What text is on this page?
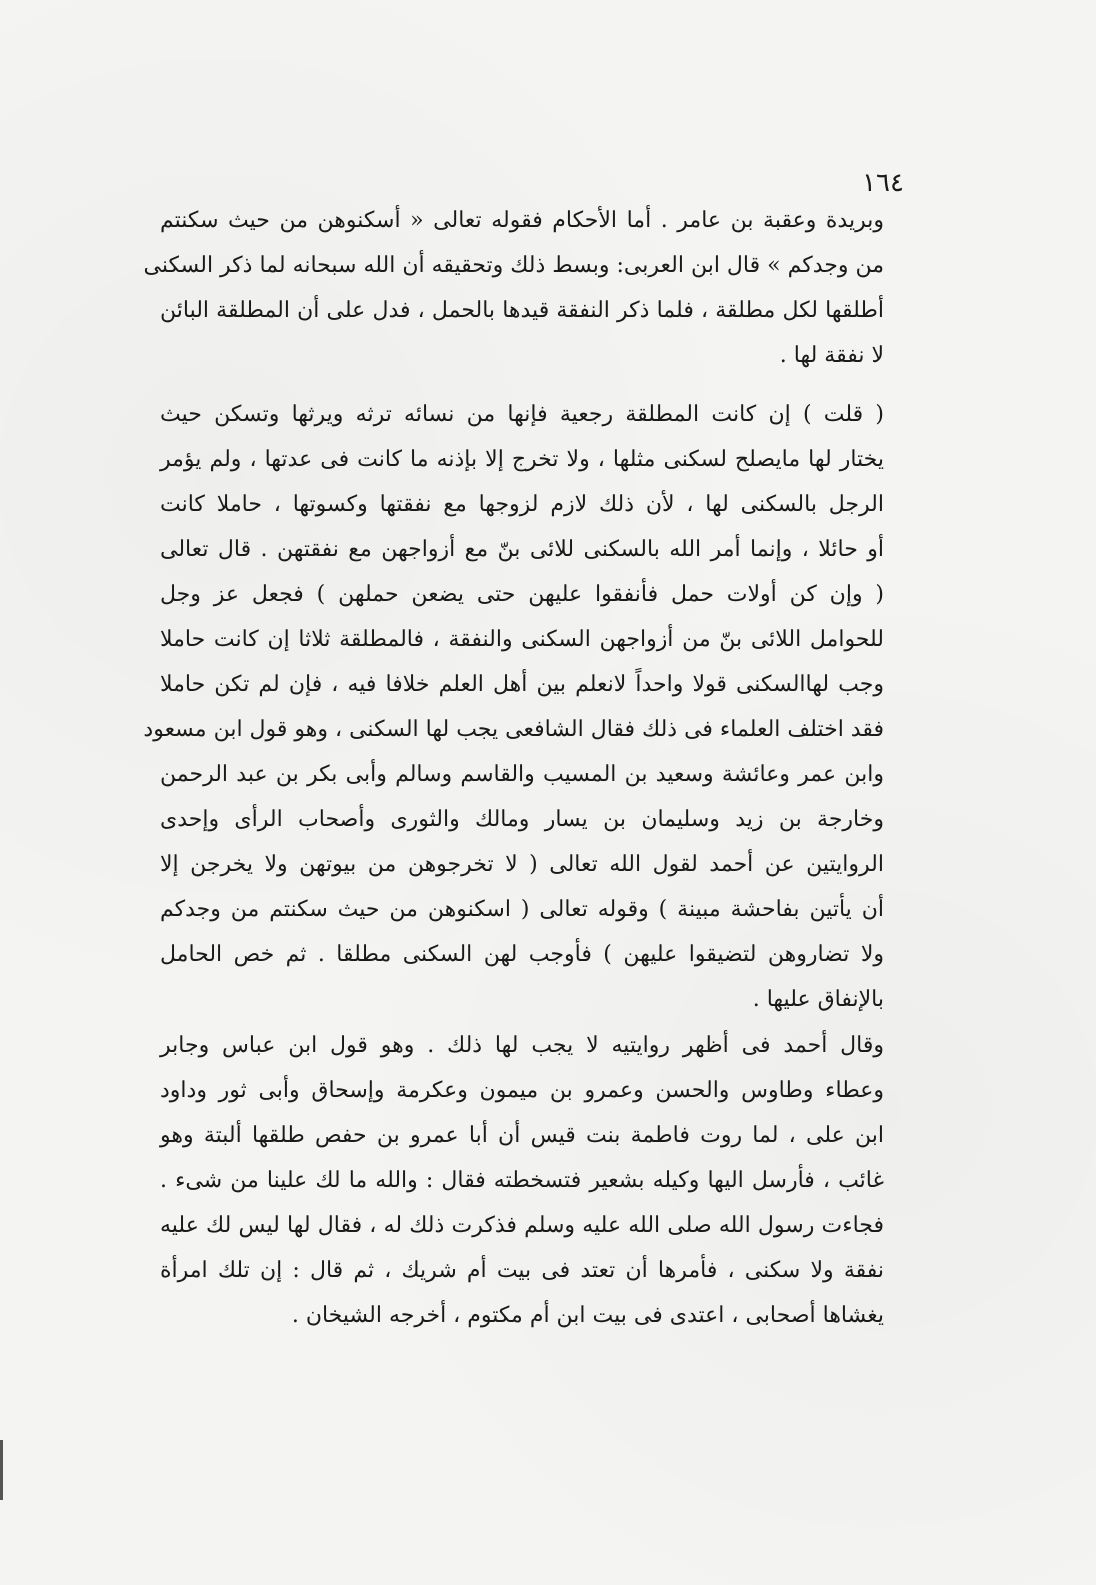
١٦٤
وبريدة وعقبة بن عامر . أما الأحكام فقوله تعالى « أسكنوهن من حيث سكنتم
من وجدكم » قال ابن العربى: وبسط ذلك وتحقيقه أن الله سبحانه لما ذكر السكنى
أطلقها لكل مطلقة ، فلما ذكر النفقة قيدها بالحمل ، فدل على أن المطلقة البائن
لا نفقة لها .
( قلت ) إن كانت المطلقة رجعية فإنها من نسائه ترثه ويرثها وتسكن حيث
يختار لها مايصلح لسكنى مثلها ، ولا تخرج إلا بإذنه ما كانت فى عدتها ، ولم يؤمر
الرجل بالسكنى لها ، لأن ذلك لازم لزوجها مع نفقتها وكسوتها ، حاملا كانت
أو حائلا ، وإنما أمر الله بالسكنى للائى بنّ مع أزواجهن مع نفقتهن . قال تعالى
( وإن كن أولات حمل فأنفقوا عليهن حتى يضعن حملهن ) فجعل عز وجل
للحوامل اللائى بنّ من أزواجهن السكنى والنفقة ، فالمطلقة ثلاثا إن كانت حاملا
وجب لهاالسكنى قولا واحداً لانعلم بين أهل العلم خلافا فيه ، فإن لم تكن حاملا
فقد اختلف العلماء فى ذلك فقال الشافعى يجب لها السكنى ، وهو قول ابن مسعود
وابن عمر وعائشة وسعيد بن المسيب والقاسم وسالم وأبى بكر بن عبد الرحمن
وخارجة بن زيد وسليمان بن يسار ومالك والثورى وأصحاب الرأى وإحدى
الروايتين عن أحمد لقول الله تعالى ( لا تخرجوهن من بيوتهن ولا يخرجن إلا
أن يأتين بفاحشة مبينة ) وقوله تعالى ( اسكنوهن من حيث سكنتم من وجدكم
ولا تضاروهن لتضيقوا عليهن ) فأوجب لهن السكنى مطلقا . ثم خص الحامل
بالإنفاق عليها .
وقال أحمد فى أظهر روايتيه لا يجب لها ذلك . وهو قول ابن عباس وجابر
وعطاء وطاوس والحسن وعمرو بن ميمون وعكرمة وإسحاق وأبى ثور وداود
ابن على ، لما روت فاطمة بنت قيس أن أبا عمرو بن حفص طلقها ألبتة وهو
غائب ، فأرسل اليها وكيله بشعير فتسخطته فقال : والله ما لك علينا من شىء .
فجاءت رسول الله صلى الله عليه وسلم فذكرت ذلك له ، فقال لها ليس لك عليه
نفقة ولا سكنى ، فأمرها أن تعتد فى بيت أم شريك ، ثم قال : إن تلك امرأة
يغشاها أصحابى ، اعتدى فى بيت ابن أم مكتوم ، أخرجه الشيخان .
